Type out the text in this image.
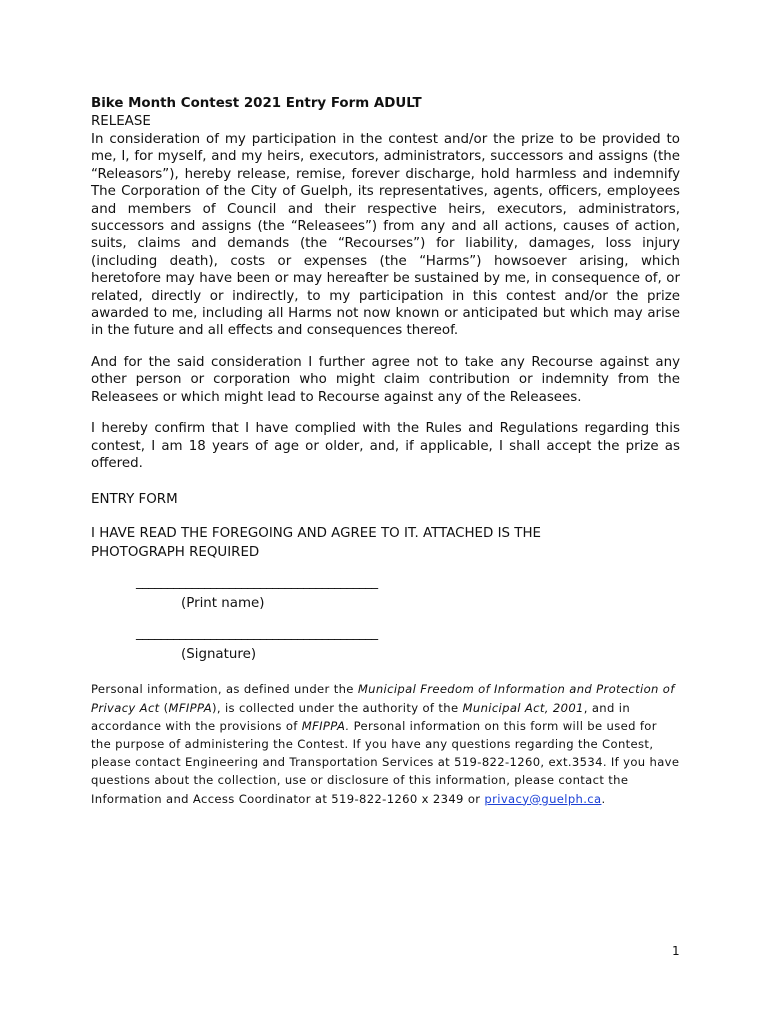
Bike Month Contest 2021 Entry Form ADULT

RELEASE

In consideration of my participation in the contest and/or the prize to be provided to me, I, for myself, and my heirs, executors, administrators, successors and assigns (the “Releasors”), hereby release, remise, forever discharge, hold harmless and indemnify The Corporation of the City of Guelph, its representatives, agents, officers, employees and members of Council and their respective heirs, executors, administrators, successors and assigns (the “Releasees”) from any and all actions, causes of action, suits, claims and demands (the “Recourses”) for liability, damages, loss injury (including death), costs or expenses (the “Harms”) howsoever arising, which heretofore may have been or may hereafter be sustained by me, in consequence of, or related, directly or indirectly, to my participation in this contest and/or the prize awarded to me, including all Harms not now known or anticipated but which may arise in the future and all effects and consequences thereof.

And for the said consideration I further agree not to take any Recourse against any other person or corporation who might claim contribution or indemnity from the Releasees or which might lead to Recourse against any of the Releasees.

I hereby confirm that I have complied with the Rules and Regulations regarding this contest, I am 18 years of age or older, and, if applicable, I shall accept the prize as offered.

ENTRY FORM

I HAVE READ THE FOREGOING AND AGREE TO IT. ATTACHED IS THE
PHOTOGRAPH REQUIRED

_______________________________________

(Print name)

_______________________________________

(Signature)

Personal information, as defined under the Municipal Freedom of Information and Protection of Privacy Act (MFIPPA), is collected under the authority of the Municipal Act, 2001, and in accordance with the provisions of MFIPPA. Personal information on this form will be used for the purpose of administering the Contest. If you have any questions regarding the Contest, please contact Engineering and Transportation Services at 519-822-1260, ext.3534. If you have questions about the collection, use or disclosure of this information, please contact the Information and Access Coordinator at 519-822-1260 x 2349 or privacy@guelph.ca.

1
